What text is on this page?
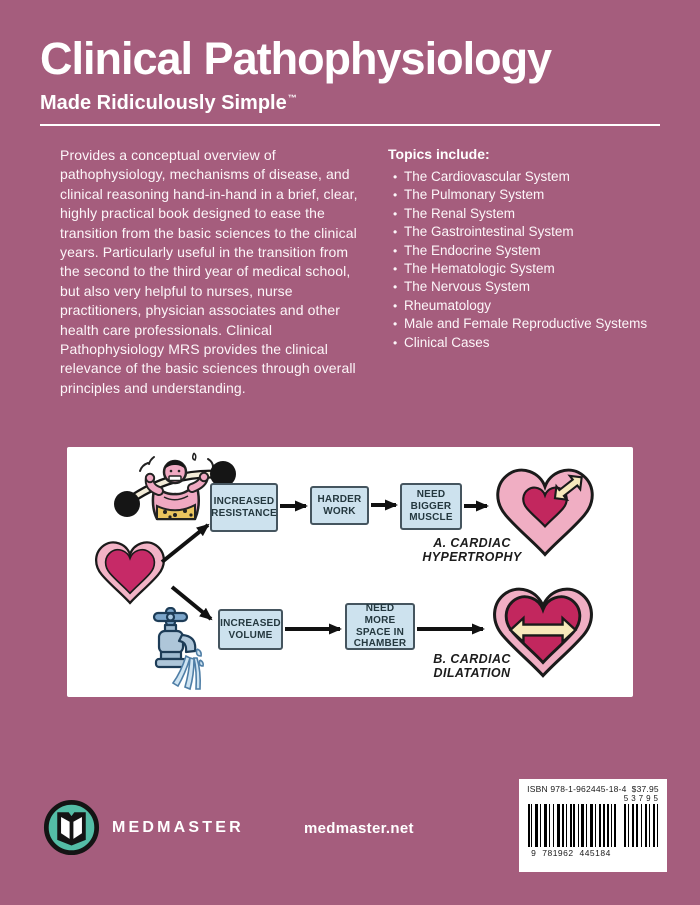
Clinical Pathophysiology
Made Ridiculously Simple™

Provides a conceptual overview of pathophysiology, mechanisms of disease, and clinical reasoning hand-in-hand in a brief, clear, highly practical book designed to ease the transition from the basic sciences to the clinical years. Particularly useful in the transition from the second to the third year of medical school, but also very helpful to nurses, nurse practitioners, physician associates and other health care professionals. Clinical Pathophysiology MRS provides the clinical relevance of the basic sciences through overall principles and understanding.

Topics include:
• The Cardiovascular System
• The Pulmonary System
• The Renal System
• The Gastrointestinal System
• The Endocrine System
• The Hematologic System
• The Nervous System
• Rheumatology
• Male and Female Reproductive Systems
• Clinical Cases
INCREASED RESISTANCE
HARDER WORK
NEED BIGGER MUSCLE
INCREASED VOLUME
NEED MORE SPACE IN CHAMBER
A. CARDIAC
HYPERTROPHY
B. CARDIAC
DILATATION
MEDMASTER	medmaster.net
ISBN 978-1-962445-18-4  $37.95
53795
9 781962 445184
